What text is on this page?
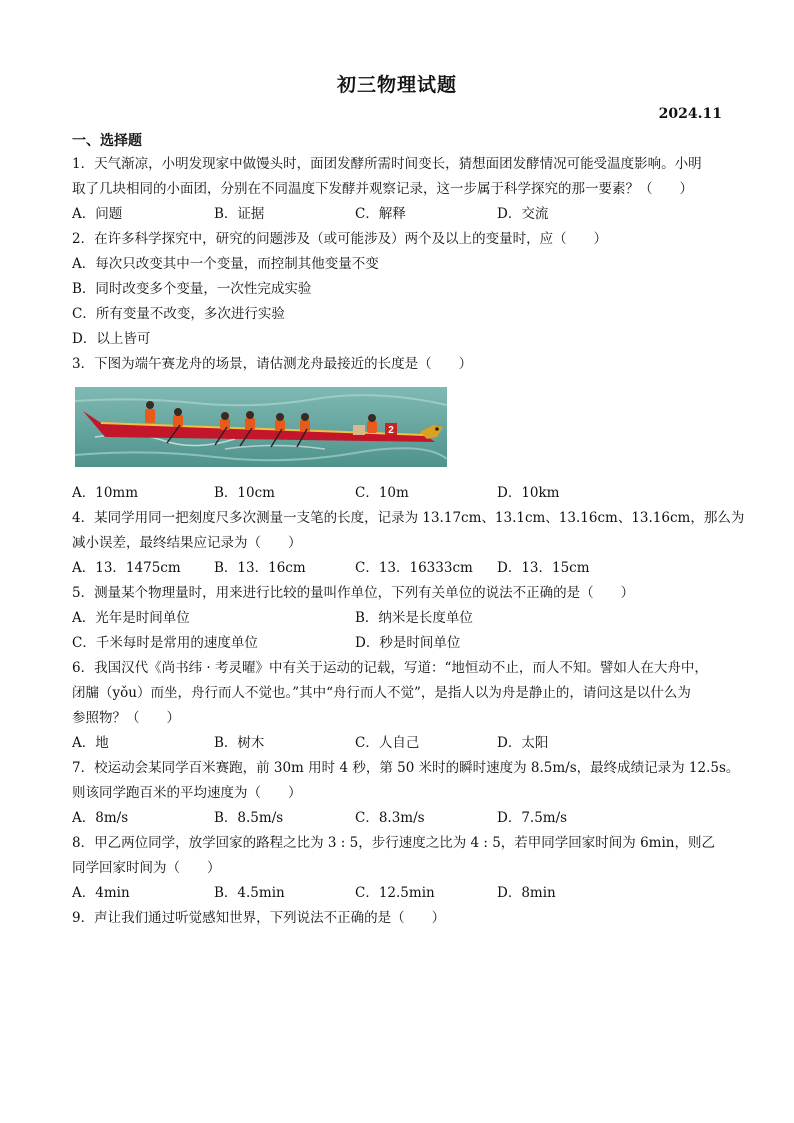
初三物理试题
2024.11
一、选择题
1．天气渐凉，小明发现家中做馒头时，面团发酵所需时间变长，猜想面团发酵情况可能受温度影响。小明
取了几块相同的小面团，分别在不同温度下发酵并观察记录，这一步属于科学探究的那一要素？（　　）
A．问题	B．证据	C．解释	D．交流
2．在许多科学探究中，研究的问题涉及（或可能涉及）两个及以上的变量时，应（　　）
A．每次只改变其中一个变量，而控制其他变量不变
B．同时改变多个变量，一次性完成实验
C．所有变量不改变，多次进行实验
D．以上皆可
3．下图为端午赛龙舟的场景，请估测龙舟最接近的长度是（　　）
2
A．10mm	B．10cm	C．10m	D．10km
4．某同学用同一把刻度尺多次测量一支笔的长度，记录为 13.17cm、13.1cm、13.16cm、13.16cm，那么为
减小误差，最终结果应记录为（　　）
A．13．1475cm B．13．16cm	C．13．16333cm D．13．15cm
5．测量某个物理量时，用来进行比较的量叫作单位，下列有关单位的说法不正确的是（　　）
A．光年是时间单位	B．纳米是长度单位
C．千米每时是常用的速度单位	D．秒是时间单位
6．我国汉代《尚书纬 · 考灵曜》中有关于运动的记载，写道：“地恒动不止，而人不知。譬如人在大舟中，
闭牖（yǒu）而坐，舟行而人不觉也。”其中“舟行而人不觉”，是指人以为舟是静止的，请问这是以什么为
参照物？（　　）
A．地	B．树木	C．人自己	D．太阳
7．校运动会某同学百米赛跑，前 30m 用时 4 秒，第 50 米时的瞬时速度为 8.5m/s，最终成绩记录为 12.5s。
则该同学跑百米的平均速度为（　　）
A．8m/s	B．8.5m/s	C．8.3m/s	D．7.5m/s
8．甲乙两位同学，放学回家的路程之比为 3 : 5，步行速度之比为 4 : 5，若甲同学回家时间为 6min，则乙
同学回家时间为（　　）
A．4min	B．4.5min	C．12.5min	D．8min
9．声让我们通过听觉感知世界，下列说法不正确的是（　　）
